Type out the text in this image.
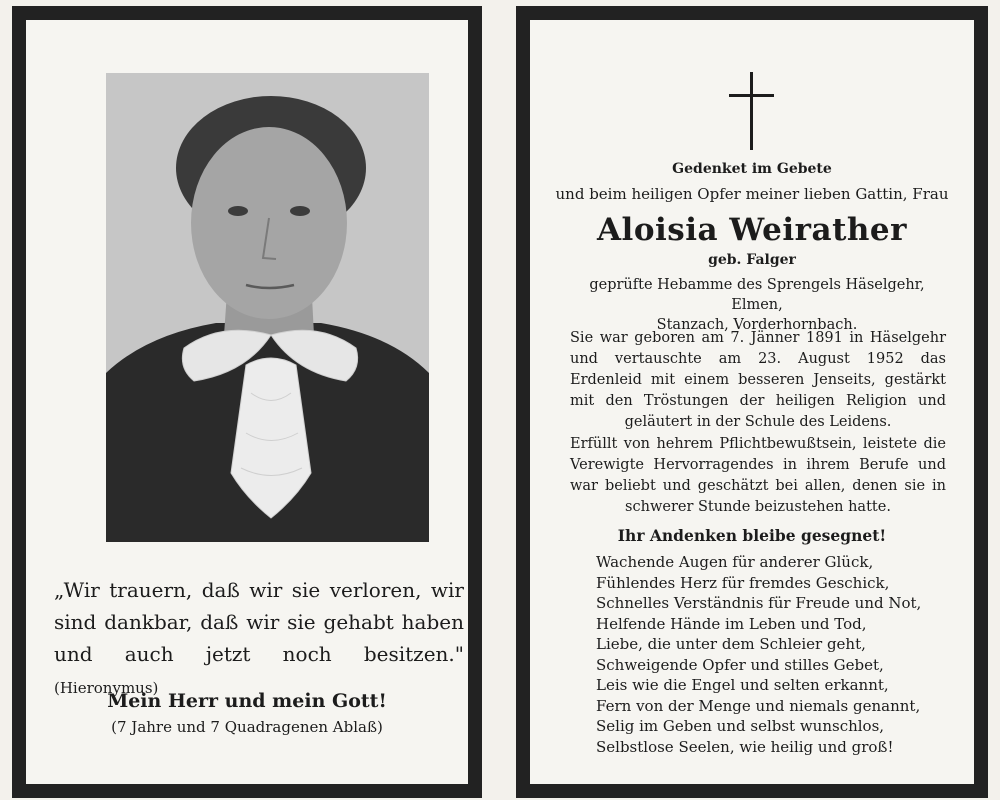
„Wir trauern, daß wir sie verloren, wir sind dankbar, daß wir sie gehabt haben und auch jetzt noch besitzen." (Hieronymus)
Mein Herr und mein Gott!
(7 Jahre und 7 Quadragenen Ablaß)
Gedenket im Gebete
und beim heiligen Opfer meiner lieben Gattin, Frau
Aloisia Weirather
geb. Falger
geprüfte Hebamme des Sprengels Häselgehr, Elmen,
Stanzach, Vorderhornbach.
Sie war geboren am 7. Jänner 1891 in Häselgehr und vertauschte am 23. August 1952 das Erdenleid mit einem besseren Jenseits, gestärkt mit den Tröstungen der heiligen Religion und geläutert in der Schule des Leidens.
Erfüllt von hehrem Pflichtbewußtsein, leistete die Verewigte Hervorragendes in ihrem Berufe und war beliebt und geschätzt bei allen, denen sie in schwerer Stunde beizustehen hatte.
Ihr Andenken bleibe gesegnet!
Wachende Augen für anderer Glück,
Fühlendes Herz für fremdes Geschick,
Schnelles Verständnis für Freude und Not,
Helfende Hände im Leben und Tod,
Liebe, die unter dem Schleier geht,
Schweigende Opfer und stilles Gebet,
Leis wie die Engel und selten erkannt,
Fern von der Menge und niemals genannt,
Selig im Geben und selbst wunschlos,
Selbstlose Seelen, wie heilig und groß!
